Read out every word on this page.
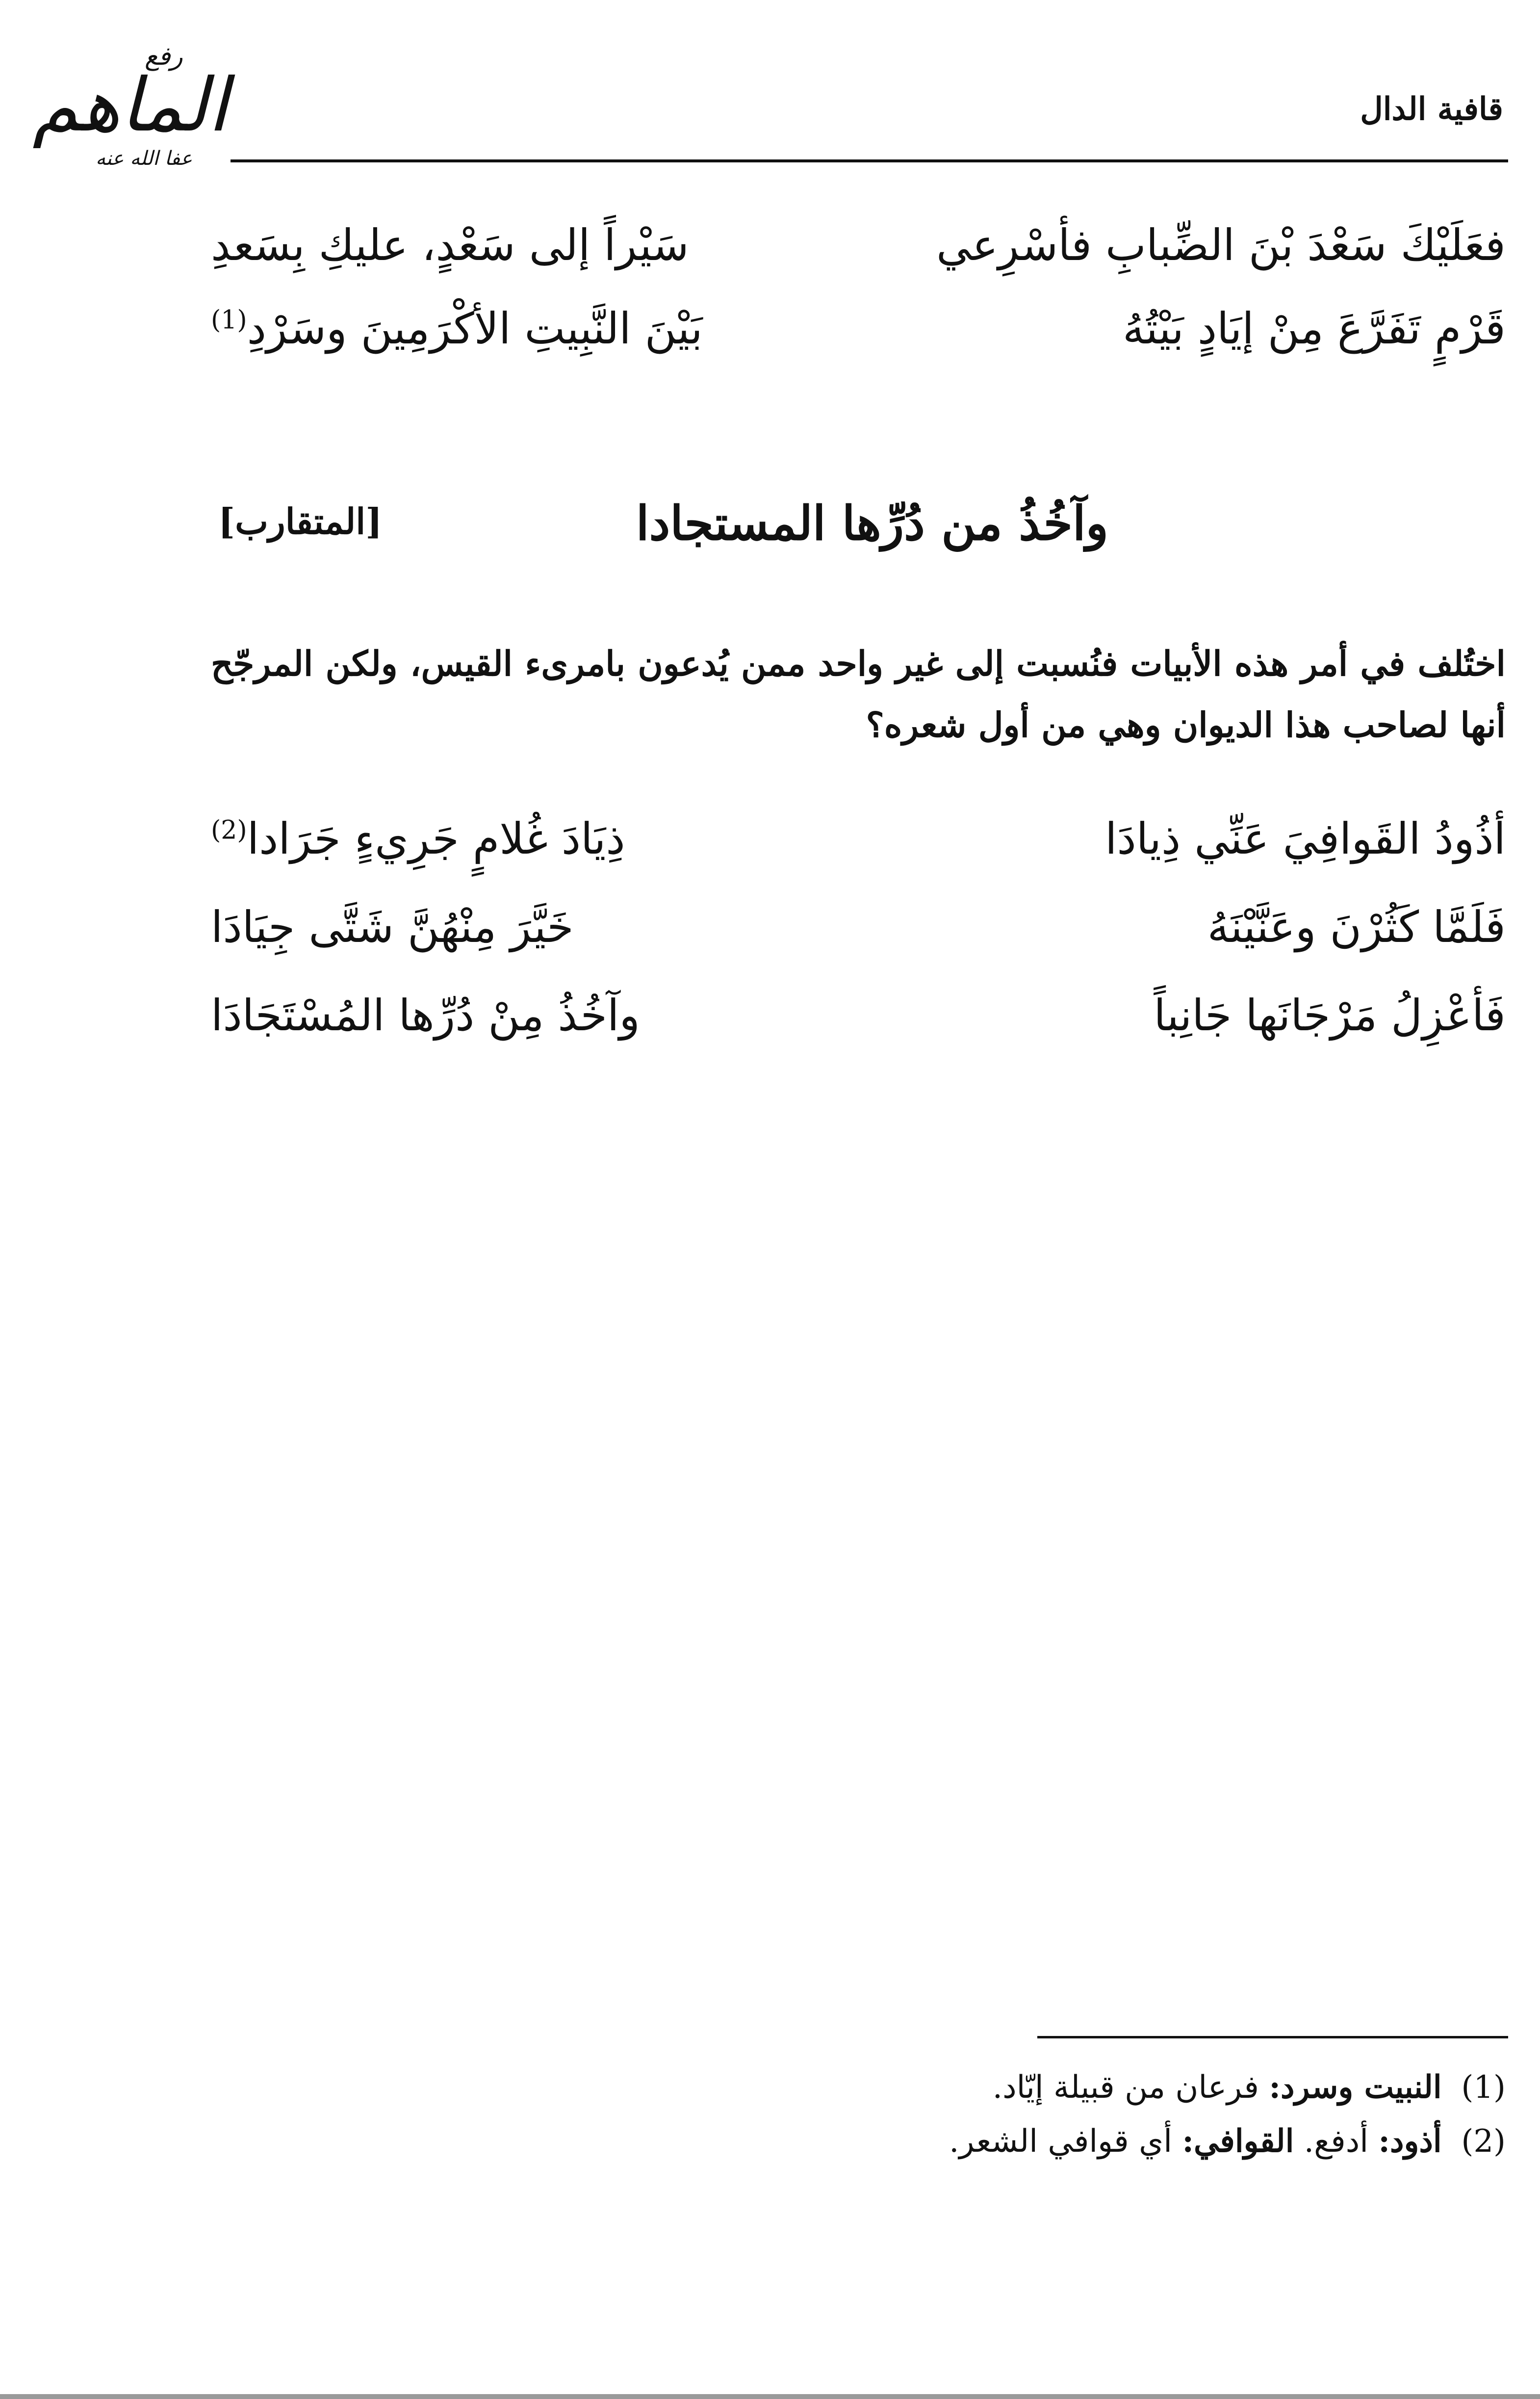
قافية الدال
رفع
الماهم
عفا الله عنه
فعَلَيْكَ سَعْدَ بْنَ الضِّبابِ فأسْرِعي
سَيْراً إلى سَعْدٍ، عليكِ بِسَعدِ
قَرْمٍ تَفَرَّعَ مِنْ إيَادٍ بَيْتُهُ
بَيْنَ النَّبِيتِ الأكْرَمِينَ وسَرْدِ$^{(1)}$
وآخُذُ من دُرِّها المستجادا
[المتقارب]
اختُلف في أمر هذه الأبيات فنُسبت إلى غير واحد ممن يُدعون بامرىء القيس، ولكن المرجّح أنها لصاحب هذا الديوان وهي من أول شعره؟
أذُودُ القَوافِيَ عَنِّي ذِيادَا
ذِيَادَ غُلامٍ جَرِيءٍ جَرَادا$^{(2)}$
فَلَمَّا كَثُرْنَ وعَنَّيْنَهُ
خَيَّرَ مِنْهُنَّ شَتَّى جِيَادَا
فَأعْزِلُ مَرْجَانَها جَانِباً
وآخُذُ مِنْ دُرِّها المُسْتَجَادَا
(1) النبيت وسرد: فرعان من قبيلة إيّاد.
(2) أذود: أدفع. القوافي: أي قوافي الشعر.
